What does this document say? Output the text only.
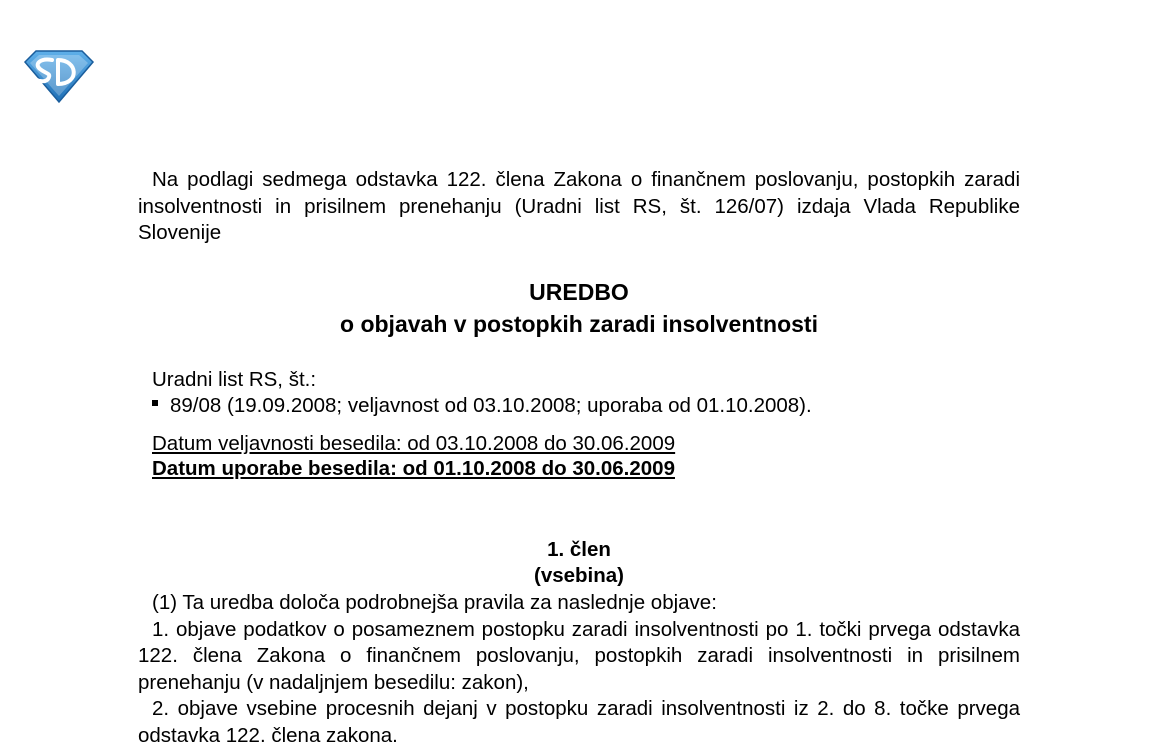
Na podlagi sedmega odstavka 122. člena Zakona o finančnem poslovanju, postopkih zaradi insolventnosti in prisilnem prenehanju (Uradni list RS, št. 126/07) izdaja Vlada Republike Slovenije

UREDBO

o objavah v postopkih zaradi insolventnosti

Uradni list RS, št.:

89/08 (19.09.2008; veljavnost od 03.10.2008; uporaba od 01.10.2008).

Datum veljavnosti besedila: od 03.10.2008 do 30.06.2009

Datum uporabe besedila: od 01.10.2008 do 30.06.2009

1. člen

(vsebina)

(1) Ta uredba določa podrobnejša pravila za naslednje objave:

1. objave podatkov o posameznem postopku zaradi insolventnosti po 1. točki prvega odstavka 122. člena Zakona o finančnem poslovanju, postopkih zaradi insolventnosti in prisilnem prenehanju (v nadaljnjem besedilu: zakon),

2. objave vsebine procesnih dejanj v postopku zaradi insolventnosti iz 2. do 8. točke prvega odstavka 122. člena zakona.
